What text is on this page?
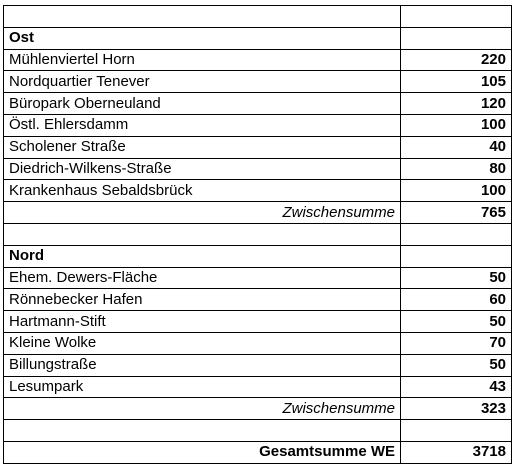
Ost	
Mühlenviertel Horn	220
Nordquartier Tenever	105
Büropark Oberneuland	120
Östl. Ehlersdamm	100
Scholener Straße	40
Diedrich-Wilkens-Straße	80
Krankenhaus Sebaldsbrück	100
Zwischensumme	765

Nord	
Ehem. Dewers-Fläche	50
Rönnebecker Hafen	60
Hartmann-Stift	50
Kleine Wolke	70
Billungstraße	50
Lesumpark	43
Zwischensumme	323

Gesamtsumme WE	3718
